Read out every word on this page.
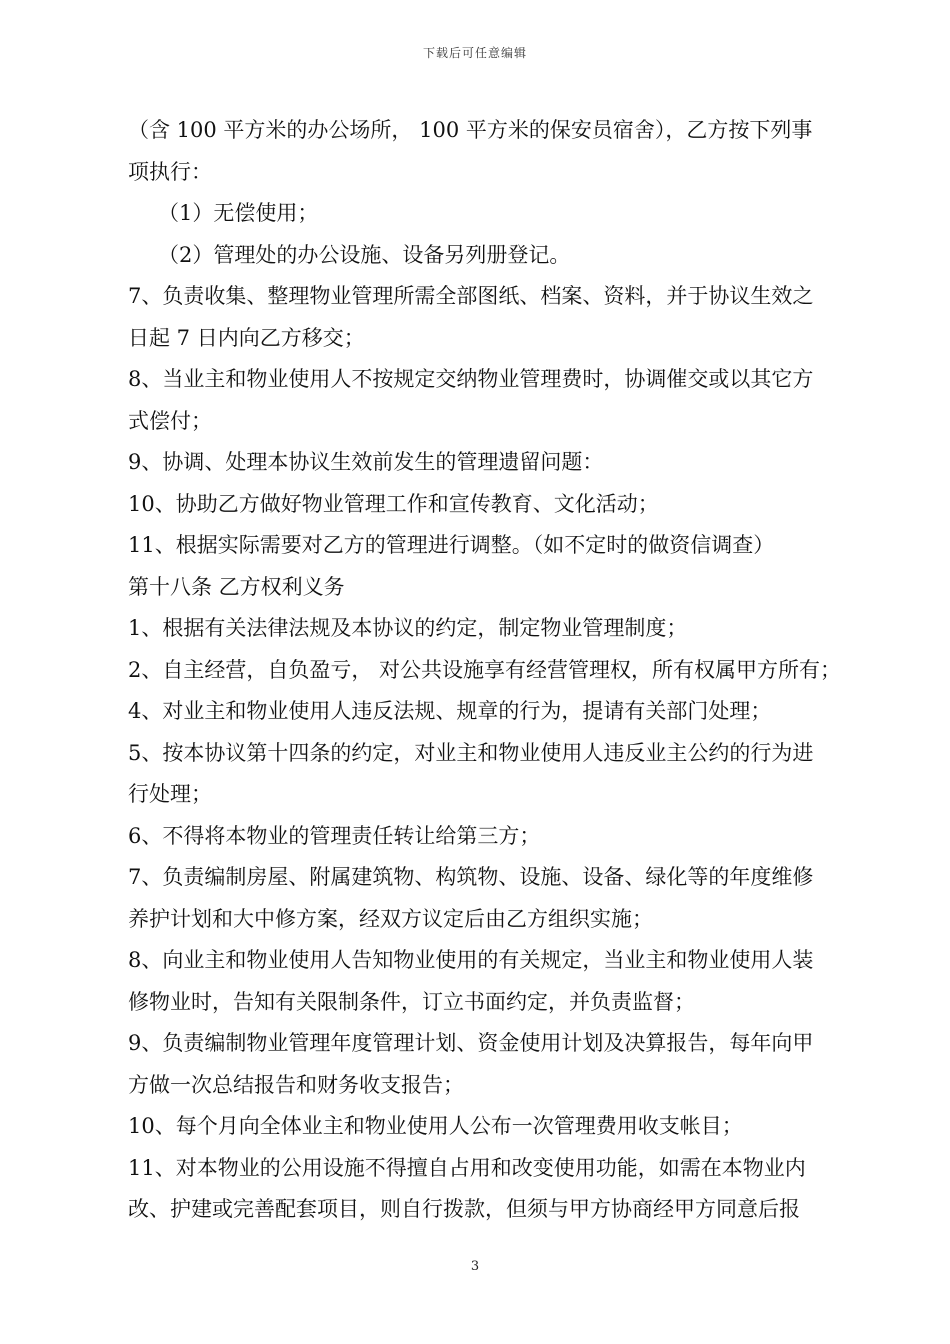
下载后可任意编辑
（含 100 平方米的办公场所， 100 平方米的保安员宿舍），乙方按下列事
项执行：
（1）无偿使用；
（2）管理处的办公设施、设备另列册登记。
7、负责收集、整理物业管理所需全部图纸、档案、资料，并于协议生效之
日起 7 日内向乙方移交；
8、当业主和物业使用人不按规定交纳物业管理费时，协调催交或以其它方
式偿付；
9、协调、处理本协议生效前发生的管理遗留问题：
10、协助乙方做好物业管理工作和宣传教育、文化活动；
11、根据实际需要对乙方的管理进行调整。（如不定时的做资信调查）
第十八条 乙方权利义务
1、根据有关法律法规及本协议的约定，制定物业管理制度；
2、自主经营，自负盈亏， 对公共设施享有经营管理权，所有权属甲方所有；
4、对业主和物业使用人违反法规、规章的行为，提请有关部门处理；
5、按本协议第十四条的约定，对业主和物业使用人违反业主公约的行为进
行处理；
6、不得将本物业的管理责任转让给第三方；
7、负责编制房屋、附属建筑物、构筑物、设施、设备、绿化等的年度维修
养护计划和大中修方案，经双方议定后由乙方组织实施；
8、向业主和物业使用人告知物业使用的有关规定，当业主和物业使用人装
修物业时，告知有关限制条件，订立书面约定，并负责监督；
9、负责编制物业管理年度管理计划、资金使用计划及决算报告，每年向甲
方做一次总结报告和财务收支报告；
10、每个月向全体业主和物业使用人公布一次管理费用收支帐目；
11、对本物业的公用设施不得擅自占用和改变使用功能，如需在本物业内
改、护建或完善配套项目，则自行拨款，但须与甲方协商经甲方同意后报
3
